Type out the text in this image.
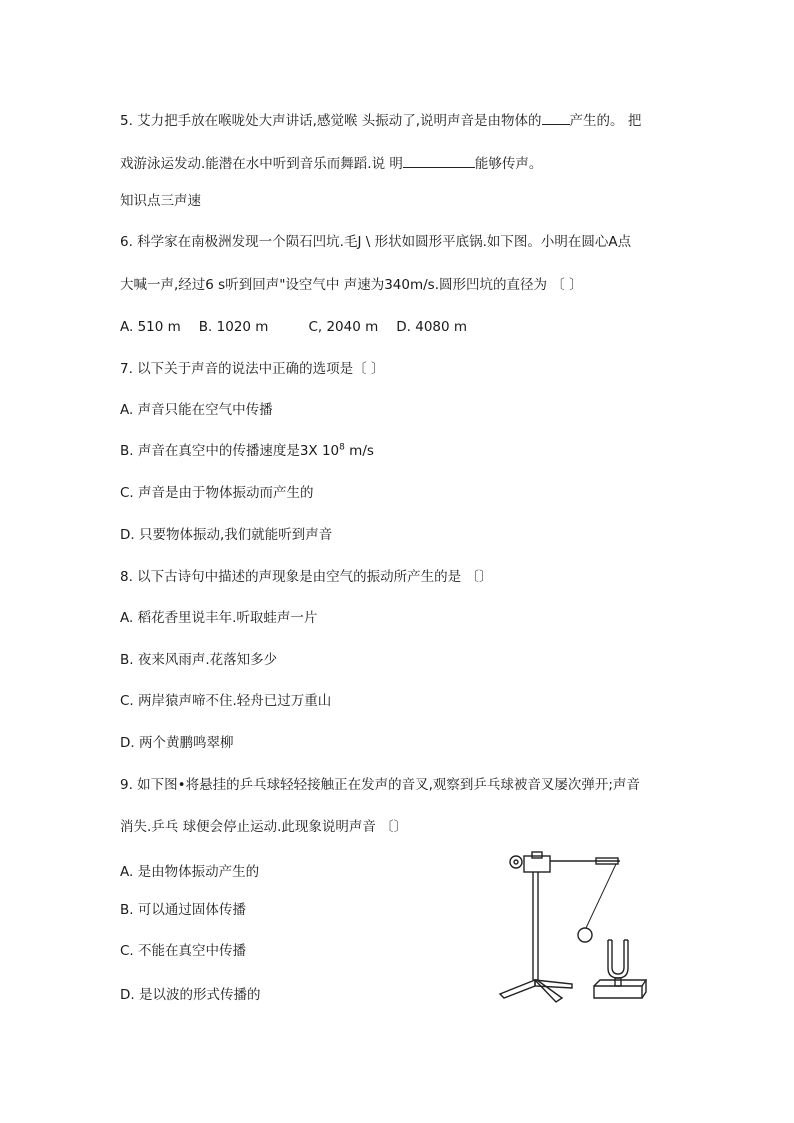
5. 艾力把手放在喉咙处大声讲话,感觉喉 头振动了,说明声音是由物体的 产生的。 把
戏游泳运发动.能潜在水中听到音乐而舞蹈.说 明	能够传声。
知识点三声速
6. 科学家在南极洲发现一个陨石凹坑.毛J \ 形状如圆形平底锅.如下图。小明在圆心A点
大喊一声,经过6 s听到回声"设空气中 声速为340m/s.圆形凹坑的直径为 〔 〕
A. 510 m B. 1020 m	C, 2040 m D. 4080 m
7. 以下关于声音的说法中正确的选项是〔 〕
A. 声音只能在空气中传播
B. 声音在真空中的传播速度是3X $10^8$ m/s
C. 声音是由于物体振动而产生的
D. 只要物体振动,我们就能听到声音
8. 以下古诗句中描述的声现象是由空气的振动所产生的是 〔〕
A. 稻花香里说丰年.听取蛙声一片
B. 夜来风雨声.花落知多少
C. 两岸猿声啼不住.轻舟已过万重山
D. 两个黄鹏鸣翠柳
9. 如下图•将悬挂的乒乓球轻轻接触正在发声的音叉,观察到乒乓球被音叉屡次弹开;声音
消失.乒乓 球便会停止运动.此现象说明声音 〔〕
A. 是由物体振动产生的
B. 可以通过固体传播
C. 不能在真空中传播
D. 是以波的形式传播的
